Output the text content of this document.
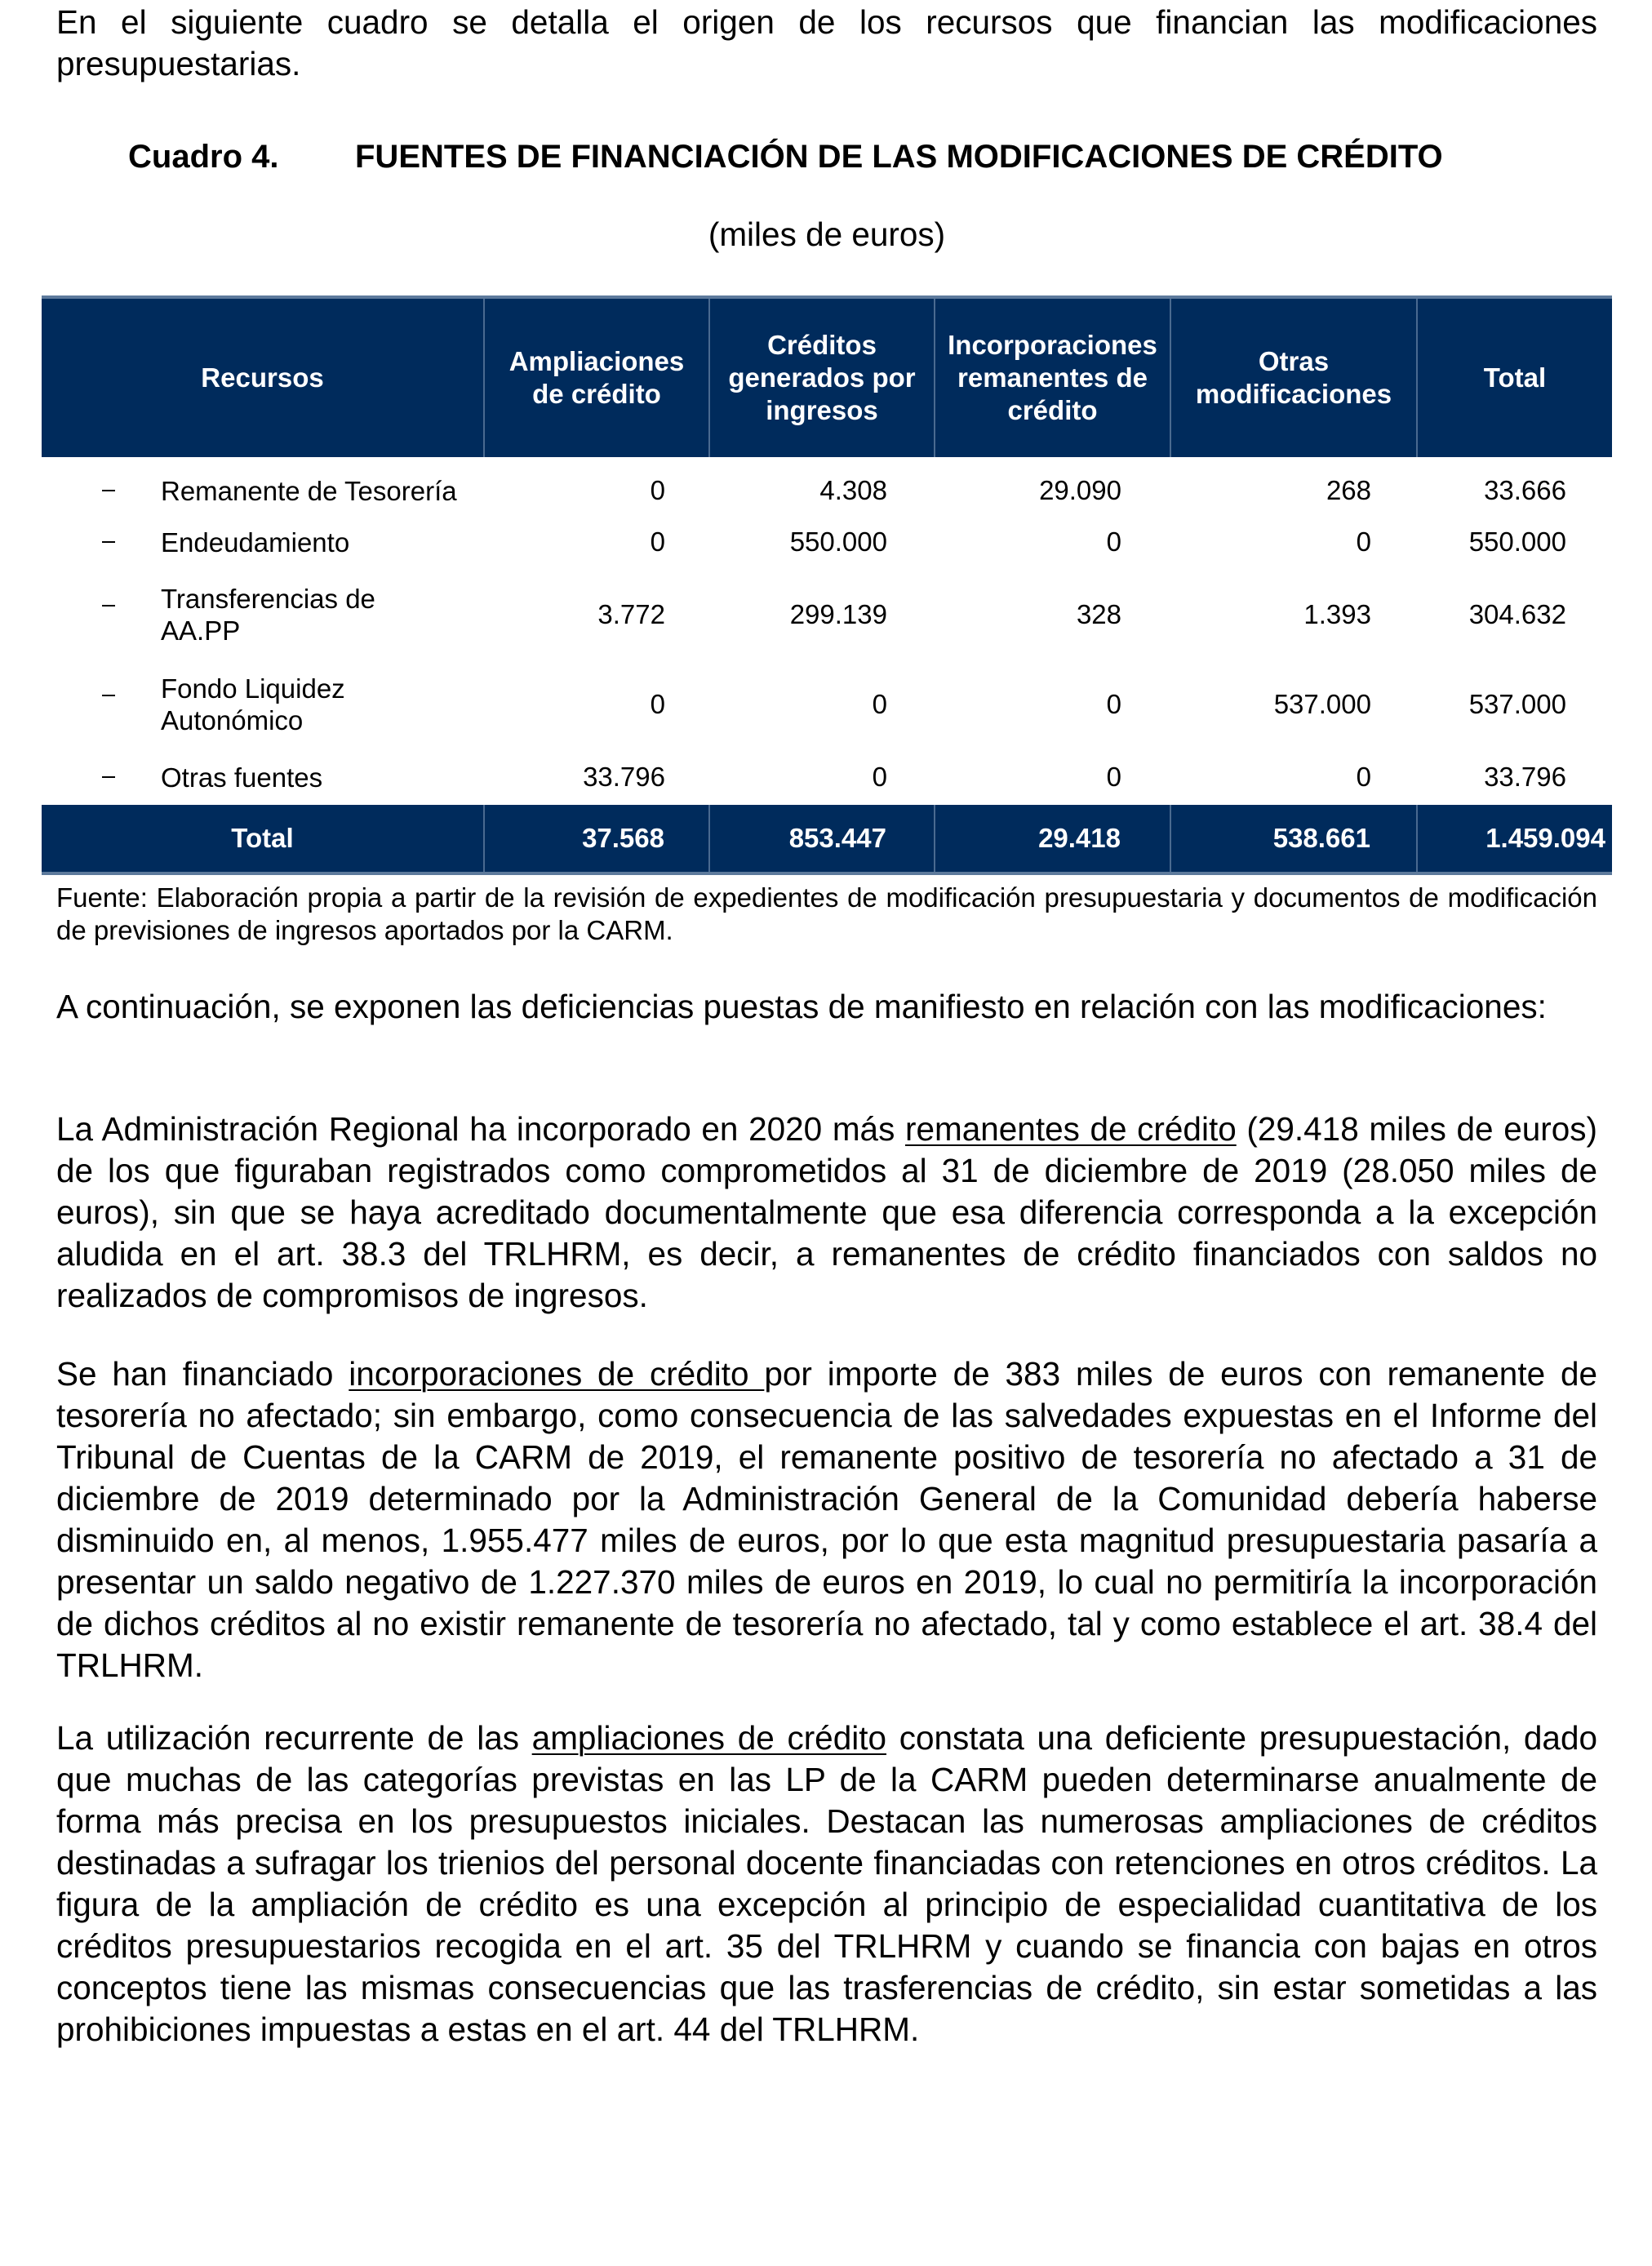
En el siguiente cuadro se detalla el origen de los recursos que financian las modificaciones presupuestarias.

Cuadro 4. FUENTES DE FINANCIACIÓN DE LAS MODIFICACIONES DE CRÉDITO
(miles de euros)
Recursos	Ampliaciones de crédito	Créditos generados por ingresos	Incorporaciones remanentes de crédito	Otras modificaciones	Total

Remanente de Tesorería	0	4.308	29.090	268	33.666

Endeudamiento	0	550.000	0	0	550.000

Transferencias de AA.PP	3.772	299.139	328	1.393	304.632

Fondo Liquidez Autonómico	0	0	0	537.000	537.000

Otras fuentes	33.796	0	0	0	33.796
Total	37.568	853.447	29.418	538.661	1.459.094
Fuente: Elaboración propia a partir de la revisión de expedientes de modificación presupuestaria y documentos de modificación de previsiones de ingresos aportados por la CARM.

A continuación, se exponen las deficiencias puestas de manifiesto en relación con las modificaciones:

La Administración Regional ha incorporado en 2020 más remanentes de crédito (29.418 miles de euros) de los que figuraban registrados como comprometidos al 31 de diciembre de 2019 (28.050 miles de euros), sin que se haya acreditado documentalmente que esa diferencia corresponda a la excepción aludida en el art. 38.3 del TRLHRM, es decir, a remanentes de crédito financiados con saldos no realizados de compromisos de ingresos.

Se han financiado incorporaciones de crédito por importe de 383 miles de euros con remanente de tesorería no afectado; sin embargo, como consecuencia de las salvedades expuestas en el Informe del Tribunal de Cuentas de la CARM de 2019, el remanente positivo de tesorería no afectado a 31 de diciembre de 2019 determinado por la Administración General de la Comunidad debería haberse disminuido en, al menos, 1.955.477 miles de euros, por lo que esta magnitud presupuestaria pasaría a presentar un saldo negativo de 1.227.370 miles de euros en 2019, lo cual no permitiría la incorporación de dichos créditos al no existir remanente de tesorería no afectado, tal y como establece el art. 38.4 del TRLHRM.

La utilización recurrente de las ampliaciones de crédito constata una deficiente presupuestación, dado que muchas de las categorías previstas en las LP de la CARM pueden determinarse anualmente de forma más precisa en los presupuestos iniciales. Destacan las numerosas ampliaciones de créditos destinadas a sufragar los trienios del personal docente financiadas con retenciones en otros créditos. La figura de la ampliación de crédito es una excepción al principio de especialidad cuantitativa de los créditos presupuestarios recogida en el art. 35 del TRLHRM y cuando se financia con bajas en otros conceptos tiene las mismas consecuencias que las trasferencias de crédito, sin estar sometidas a las prohibiciones impuestas a estas en el art. 44 del TRLHRM.
